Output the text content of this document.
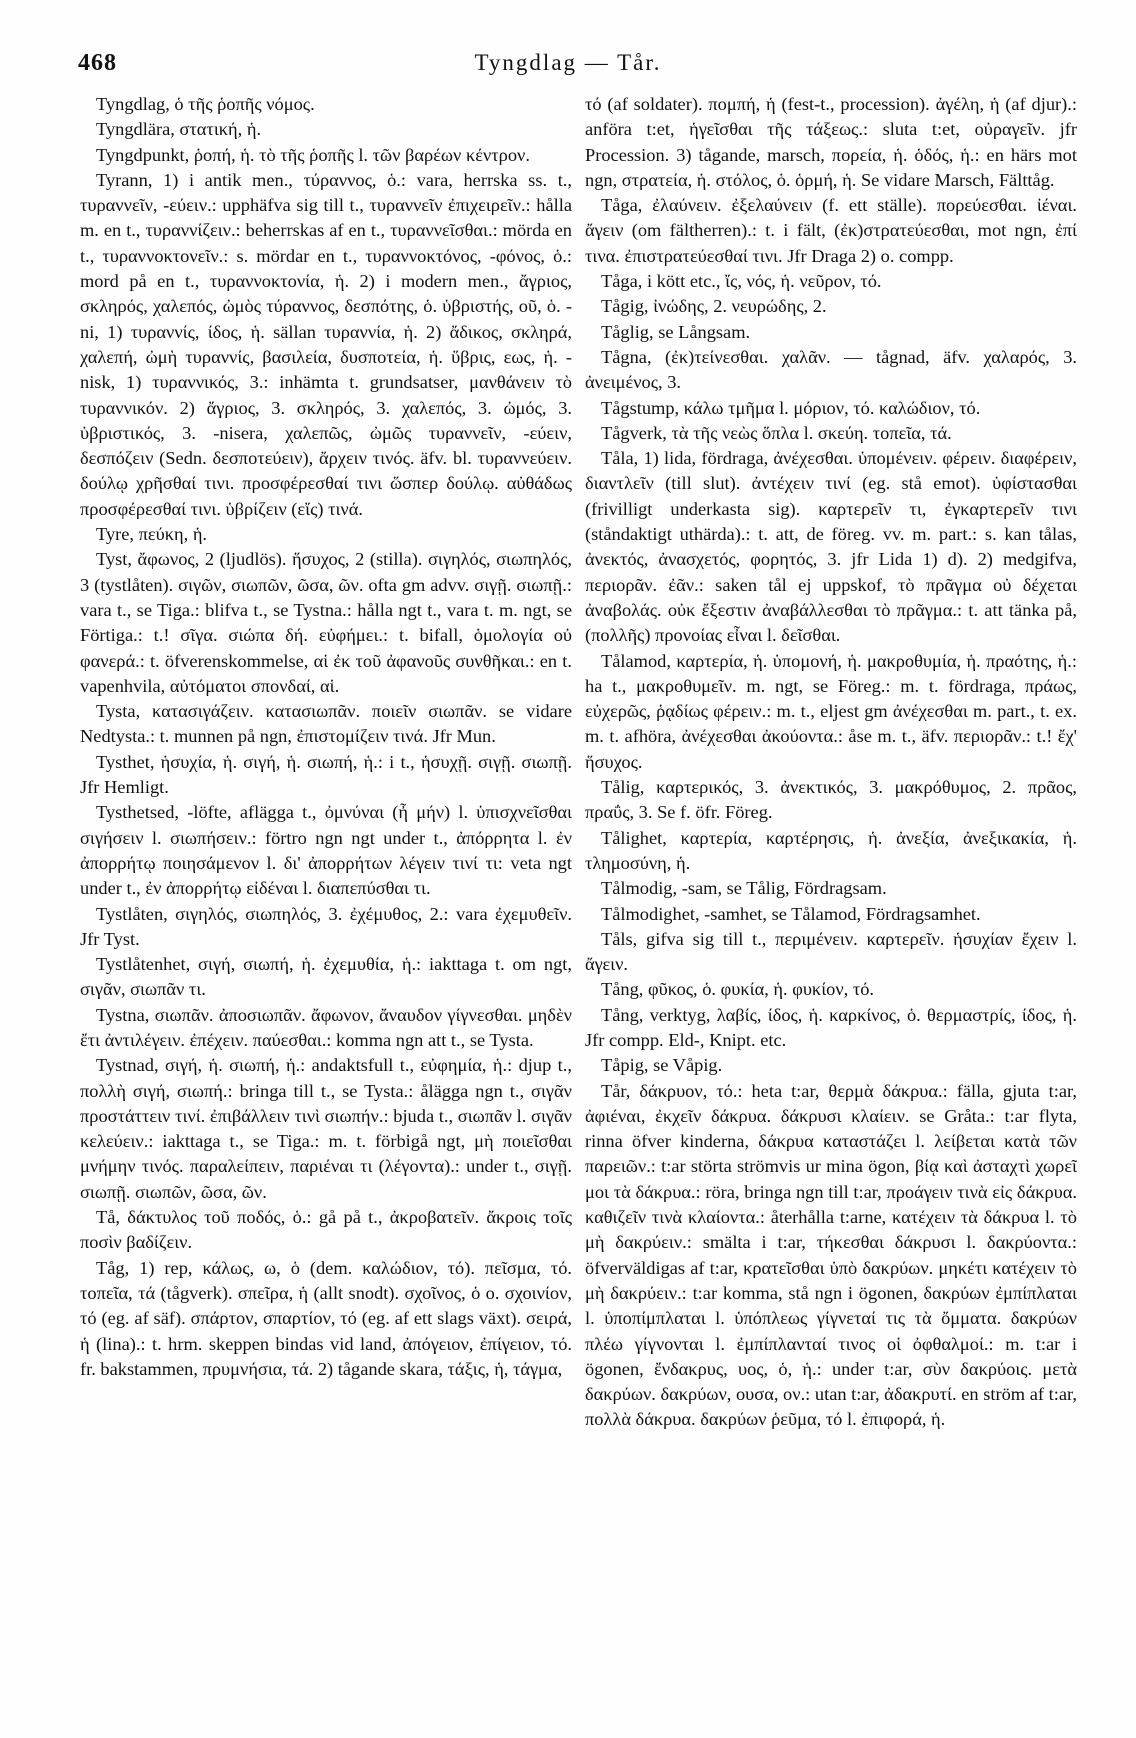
468	Tyngdlag — Tår.

Tyngdlag, ὁ τῆς ῥοπῆς νόμος.

Tyngdlära, στατική, ἡ.

Tyngdpunkt, ῥοπή, ἡ. τὸ τῆς ῥοπῆς l. τῶν βαρέων κέντρον.

Tyrann, 1) i antik men., τύραννος, ὁ.: vara, herrska ss. t., τυραννεῖν, -εύειν.: upphäfva sig till t., τυραννεῖν ἐπιχειρεῖν.: hålla m. en t., τυραννίζειν.: beherrskas af en t., τυραννεῖσθαι.: mörda en t., τυραννοκτονεῖν.: s. mördar en t., τυραννοκτόνος, -φόνος, ὁ.: mord på en t., τυραννοκτονία, ἡ. 2) i modern men., ἄγριος, σκληρός, χαλεπός, ὠμὸς τύραννος, δεσπότης, ὁ. ὑβριστής, οῦ, ὁ. -ni, 1) τυραννίς, ίδος, ἡ. sällan τυραννία, ἡ. 2) ἄδικος, σκληρά, χαλεπή, ὠμὴ τυραννίς, βασιλεία, δυσποτεία, ἡ. ὕβρις, εως, ἡ. -nisk, 1) τυραννικός, 3.: inhämta t. grundsatser, μανθάνειν τὸ τυραννικόν. 2) ἄγριος, 3. σκληρός, 3. χαλεπός, 3. ὠμός, 3. ὑβριστικός, 3. -nisera, χαλεπῶς, ὠμῶς τυραννεῖν, -εύειν, δεσπόζειν (Sedn. δεσποτεύειν), ἄρχειν τινός. äfv. bl. τυραννεύειν. δούλῳ χρῆσθαί τινι. προσφέρεσθαί τινι ὥσπερ δούλῳ. αὐθάδως προσφέρεσθαί τινι. ὑβρίζειν (εἴς) τινά.

Tyre, πεύκη, ἡ.

Tyst, ἄφωνος, 2 (ljudlös). ἥσυχος, 2 (stilla). σιγηλός, σιωπηλός, 3 (tystlåten). σιγῶν, σιωπῶν, ῶσα, ῶν. ofta gm advv. σιγῇ. σιωπῇ.: vara t., se Tiga.: blifva t., se Tystna.: hålla ngt t., vara t. m. ngt, se Förtiga.: t.! σῖγα. σιώπα δή. εὐφήμει.: t. bifall, ὁμολογία οὐ φανερά.: t. öfverenskommelse, αἱ ἐκ τοῦ ἀφανοῦς συνθῆκαι.: en t. vapenhvila, αὐτόματοι σπονδαί, αἱ.

Tysta, κατασιγάζειν. κατασιωπᾶν. ποιεῖν σιωπᾶν. se vidare Nedtysta.: t. munnen på ngn, ἐπιστομίζειν τινά. Jfr Mun.

Tysthet, ἡσυχία, ἡ. σιγή, ἡ. σιωπή, ἡ.: i t., ἡσυχῇ. σιγῇ. σιωπῇ. Jfr Hemligt.

Tysthetsed, -löfte, aflägga t., ὀμνύναι (ἦ μήν) l. ὑπισχνεῖσθαι σιγήσειν l. σιωπήσειν.: förtro ngn ngt under t., ἀπόρρητα l. ἐν ἀπορρήτῳ ποιησάμενον l. δι' ἀπορρήτων λέγειν τινί τι: veta ngt under t., ἐν ἀπορρήτῳ εἰδέναι l. διαπεπύσθαι τι.

Tystlåten, σιγηλός, σιωπηλός, 3. ἐχέμυθος, 2.: vara ἐχεμυθεῖν. Jfr Tyst.

Tystlåtenhet, σιγή, σιωπή, ἡ. ἐχεμυθία, ἡ.: iakttaga t. om ngt, σιγᾶν, σιωπᾶν τι.

Tystna, σιωπᾶν. ἀποσιωπᾶν. ἄφωνον, ἄναυδον γίγνεσθαι. μηδὲν ἔτι ἀντιλέγειν. ἐπέχειν. παύεσθαι.: komma ngn att t., se Tysta.

Tystnad, σιγή, ἡ. σιωπή, ἡ.: andaktsfull t., εὐφημία, ἡ.: djup t., πολλὴ σιγή, σιωπή.: bringa till t., se Tysta.: ålägga ngn t., σιγᾶν προστάττειν τινί. ἐπιβάλλειν τινὶ σιωπήν.: bjuda t., σιωπᾶν l. σιγᾶν κελεύειν.: iakttaga t., se Tiga.: m. t. förbigå ngt, μὴ ποιεῖσθαι μνήμην τινός. παραλείπειν, παριέναι τι (λέγοντα).: under t., σιγῇ. σιωπῇ. σιωπῶν, ῶσα, ῶν.

Tå, δάκτυλος τοῦ ποδός, ὁ.: gå på t., ἀκροβατεῖν. ἄκροις τοῖς ποσὶν βαδίζειν.

Tåg, 1) rep, κάλως, ω, ὁ (dem. καλώδιον, τό). πεῖσμα, τό. τοπεῖα, τά (tågverk). σπεῖρα, ἡ (allt snodt). σχοῖνος, ὁ ο. σχοινίον, τό (eg. af säf). σπάρτον, σπαρτίον, τό (eg. af ett slags växt). σειρά, ἡ (lina).: t. hrm. skeppen bindas vid land, ἀπόγειον, ἐπίγειον, τό. fr. bakstammen, πρυμνήσια, τά. 2) tågande skara, τάξις, ἡ, τάγμα,

τό (af soldater). πομπή, ἡ (fest-t., procession). ἀγέλη, ἡ (af djur).: anföra t:et, ἡγεῖσθαι τῆς τάξεως.: sluta t:et, οὐραγεῖν. jfr Procession. 3) tågande, marsch, πορεία, ἡ. ὁδός, ἡ.: en härs mot ngn, στρατεία, ἡ. στόλος, ὁ. ὁρμή, ἡ. Se vidare Marsch, Fälttåg.

Tåga, ἐλαύνειν. ἐξελαύνειν (f. ett ställe). πορεύεσθαι. ἰέναι. ἄγειν (om fältherren).: t. i fält, (ἐκ)στρατεύεσθαι, mot ngn, ἐπί τινα. ἐπιστρατεύεσθαί τινι. Jfr Draga 2) o. compp.

Tåga, i kött etc., ἴς, νός, ἡ. νεῦρον, τό.

Tågig, ἰνώδης, 2. νευρώδης, 2.

Tåglig, se Långsam.

Tågna, (ἐκ)τείνεσθαι. χαλᾶν. — tågnad, äfv. χαλαρός, 3. ἀνειμένος, 3.

Tågstump, κάλω τμῆμα l. μόριον, τό. καλώδιον, τό.

Tågverk, τὰ τῆς νεὼς ὅπλα l. σκεύη. τοπεῖα, τά.

Tåla, 1) lida, fördraga, ἀνέχεσθαι. ὑπομένειν. φέρειν. διαφέρειν, διαντλεῖν (till slut). ἀντέχειν τινί (eg. stå emot). ὑφίστασθαι (frivilligt underkasta sig). καρτερεῖν τι, ἐγκαρτερεῖν τινι (ståndaktigt uthärda).: t. att, de föreg. vv. m. part.: s. kan tålas, ἀνεκτός, ἀνασχετός, φορητός, 3. jfr Lida 1) d). 2) medgifva, περιορᾶν. ἐᾶν.: saken tål ej uppskof, τὸ πρᾶγμα οὐ δέχεται ἀναβολάς. οὐκ ἔξεστιν ἀναβάλλεσθαι τὸ πρᾶγμα.: t. att tänka på, (πολλῆς) προνοίας εἶναι l. δεῖσθαι.

Tålamod, καρτερία, ἡ. ὑπομονή, ἡ. μακροθυμία, ἡ. πραότης, ἡ.: ha t., μακροθυμεῖν. m. ngt, se Föreg.: m. t. fördraga, πράως, εὐχερῶς, ῥᾳδίως φέρειν.: m. t., eljest gm ἀνέχεσθαι m. part., t. ex. m. t. afhöra, ἀνέχεσθαι ἀκούοντα.: åse m. t., äfv. περιορᾶν.: t.! ἔχ' ἥσυχος.

Tålig, καρτερικός, 3. ἀνεκτικός, 3. μακρόθυμος, 2. πρᾶος, πραΰς, 3. Se f. öfr. Föreg.

Tålighet, καρτερία, καρτέρησις, ἡ. ἀνεξία, ἀνεξικακία, ἡ. τλημοσύνη, ἡ.

Tålmodig, -sam, se Tålig, Fördragsam.

Tålmodighet, -samhet, se Tålamod, Fördragsamhet.

Tåls, gifva sig till t., περιμένειν. καρτερεῖν. ἡσυχίαν ἔχειν l. ἄγειν.

Tång, φῦκος, ὁ. φυκία, ἡ. φυκίον, τό.

Tång, verktyg, λαβίς, ίδος, ἡ. καρκίνος, ὁ. θερμαστρίς, ίδος, ἡ. Jfr compp. Eld-, Knipt. etc.

Tåpig, se Våpig.

Tår, δάκρυον, τό.: heta t:ar, θερμὰ δάκρυα.: fälla, gjuta t:ar, ἀφιέναι, ἐκχεῖν δάκρυα. δάκρυσι κλαίειν. se Gråta.: t:ar flyta, rinna öfver kinderna, δάκρυα καταστάζει l. λείβεται κατὰ τῶν παρειῶν.: t:ar störta strömvis ur mina ögon, βίᾳ καὶ ἀσταχτὶ χωρεῖ μοι τὰ δάκρυα.: röra, bringa ngn till t:ar, προάγειν τινὰ εἰς δάκρυα. καθιζεῖν τινὰ κλαίοντα.: återhålla t:arne, κατέχειν τὰ δάκρυα l. τὸ μὴ δακρύειν.: smälta i t:ar, τήκεσθαι δάκρυσι l. δακρύοντα.: öfverväldigas af t:ar, κρατεῖσθαι ὑπὸ δακρύων. μηκέτι κατέχειν τὸ μὴ δακρύειν.: t:ar komma, stå ngn i ögonen, δακρύων ἐμπίπλαται l. ὑποπίμπλαται l. ὑπόπλεως γίγνεταί τις τὰ ὄμματα. δακρύων πλέω γίγνονται l. ἐμπίπλανταί τινος οἱ ὀφθαλμοί.: m. t:ar i ögonen, ἔνδακρυς, υος, ὁ, ἡ.: under t:ar, σὺν δακρύοις. μετὰ δακρύων. δακρύων, ουσα, ον.: utan t:ar, ἀδακρυτί. en ström af t:ar, πολλὰ δάκρυα. δακρύων ῥεῦμα, τό l. ἐπιφορά, ἡ.
